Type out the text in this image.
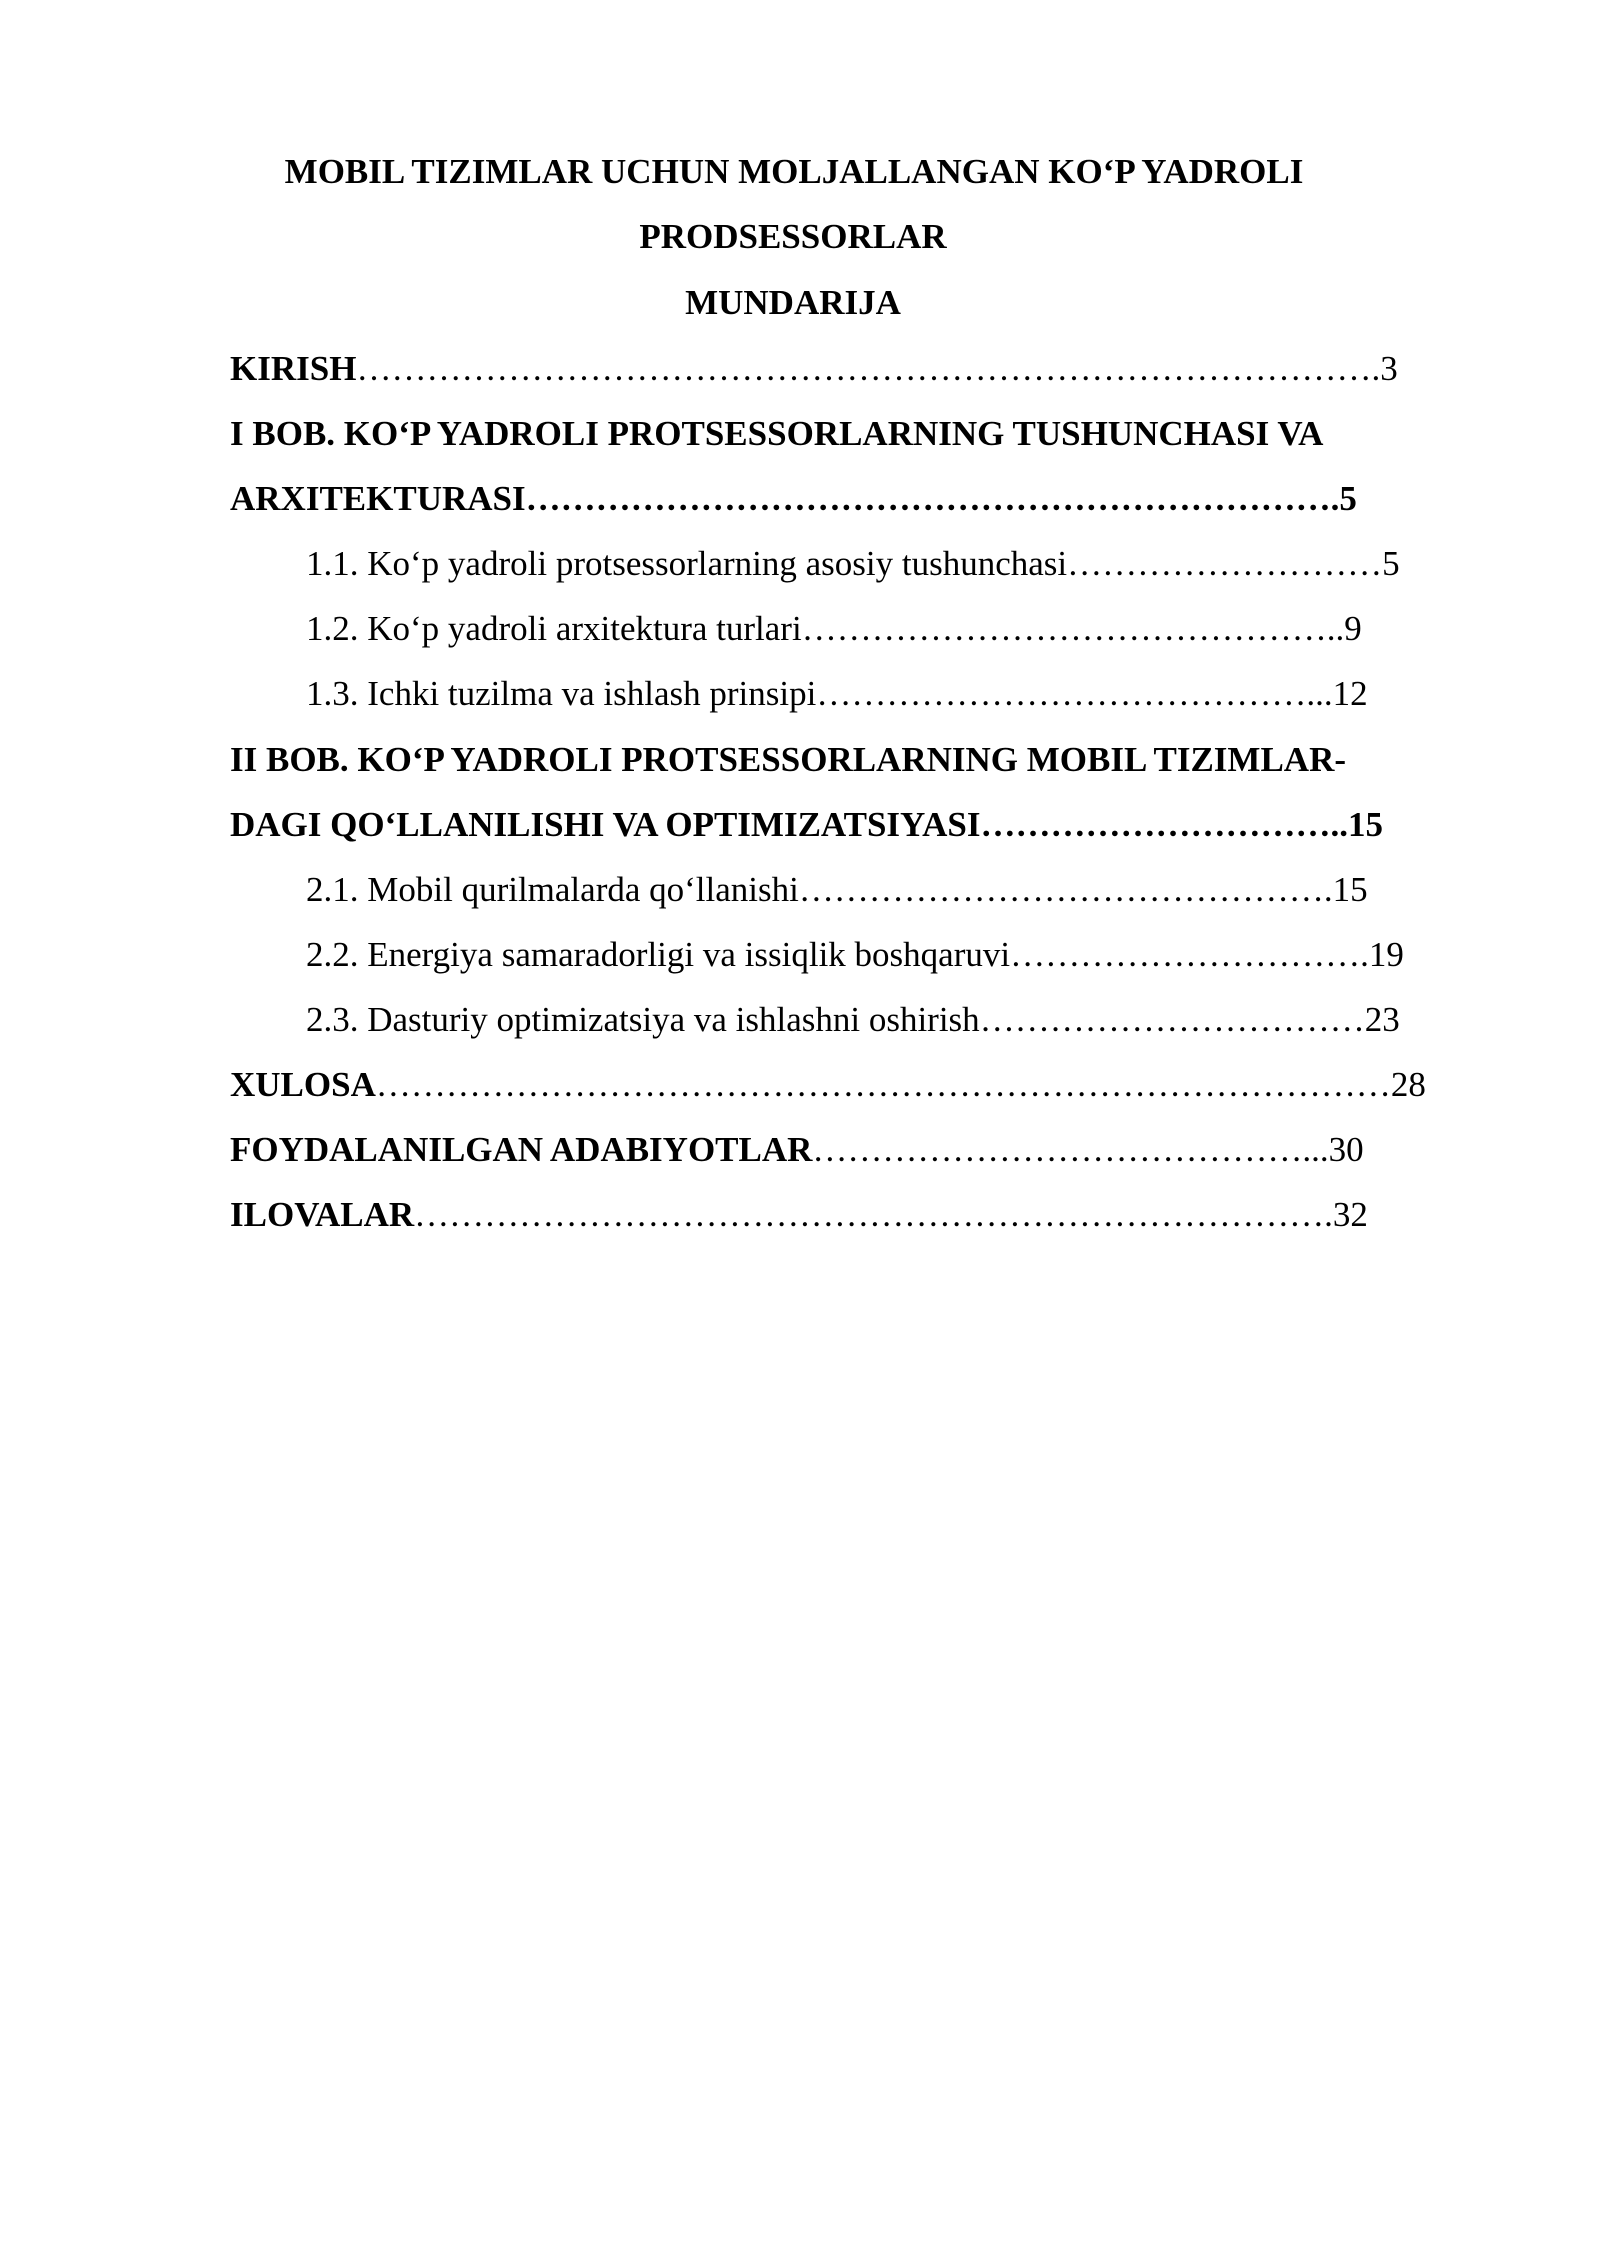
MOBIL TIZIMLAR UCHUN MOLJALLANGAN KO‘P YADROLI
PRODSESSORLAR
MUNDARIJA
KIRISH…………………………………………………………………………….3
I BOB. KO‘P YADROLI PROTSESSORLARNING TUSHUNCHASI VA
ARXITEKTURASI…………………………………………………………….5
1.1. Ko‘p yadroli protsessorlarning asosiy tushunchasi………………………5
1.2. Ko‘p yadroli arxitektura turlari………………………………………..9
1.3. Ichki tuzilma va ishlash prinsipi……………………………………...12
II BOB. KO‘P YADROLI PROTSESSORLARNING MOBIL TIZIMLAR-
DAGI QO‘LLANILISHI VA OPTIMIZATSIYASI…………………………..15
2.1. Mobil qurilmalarda qo‘llanishi……………………………………….15
2.2. Energiya samaradorligi va issiqlik boshqaruvi………………………….19
2.3. Dasturiy optimizatsiya va ishlashni oshirish……………………………23
XULOSA……………………………………………………………………………28
FOYDALANILGAN ADABIYOTLAR……………………………………...30
ILOVALAR…………………………………………………………………….32
